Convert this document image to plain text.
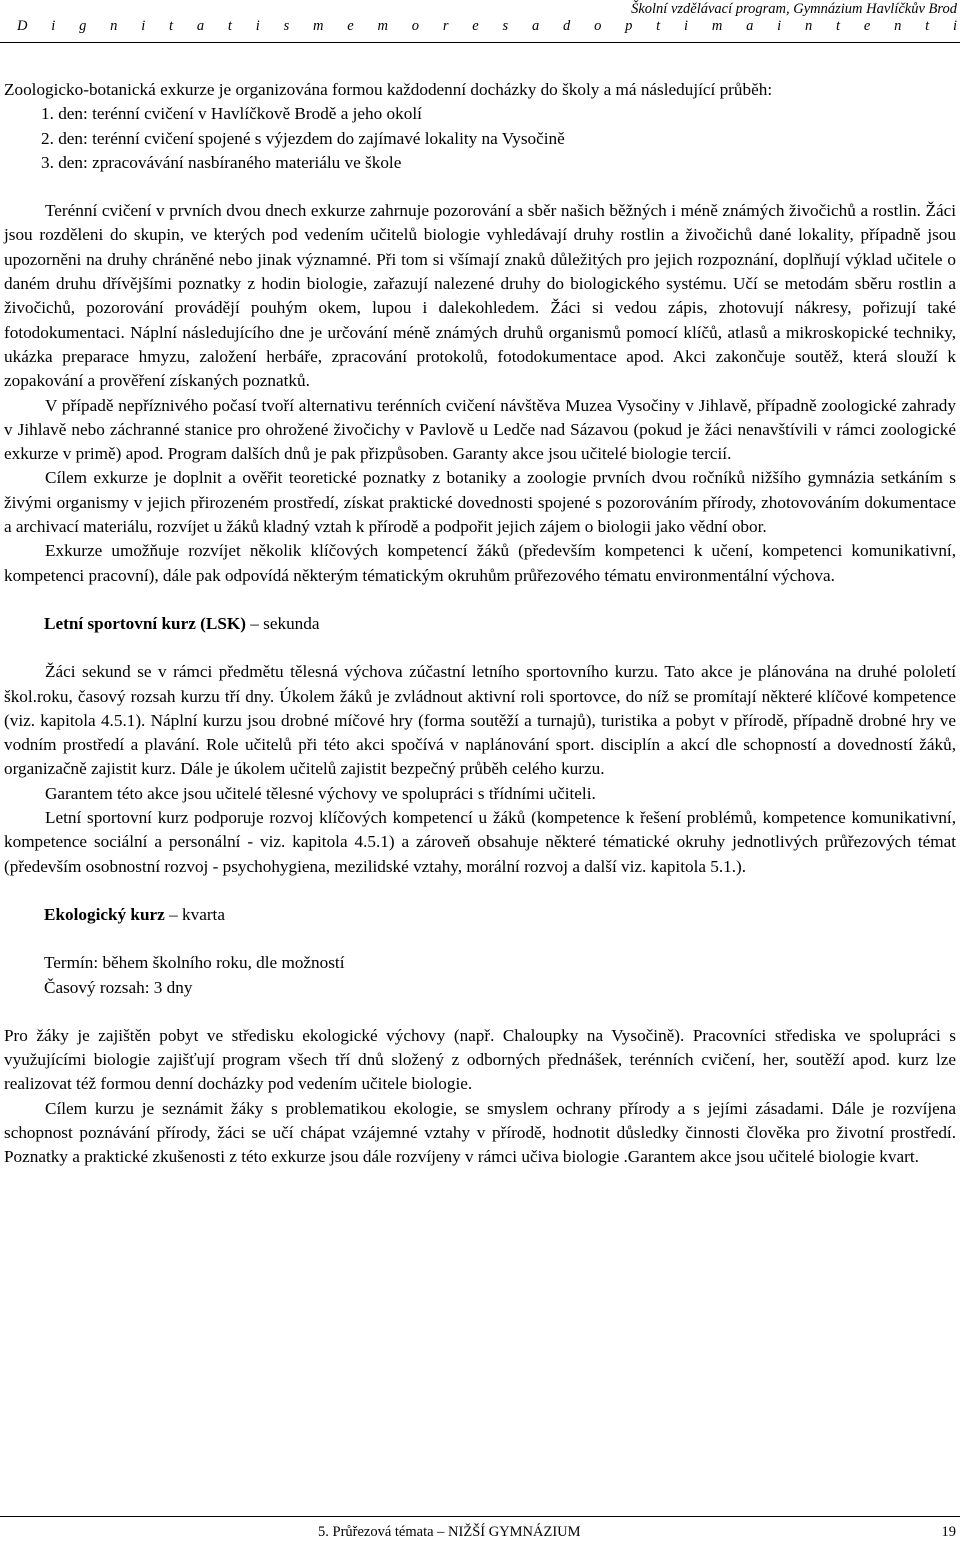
Školní vzdělávací program, Gymnázium Havlíčkův Brod
D i g n i t a t i s m e m o r e s a d o p t i m a i n t e n t i

Zoologicko-botanická exkurze je organizována formou každodenní docházky do školy a má následující průběh:

1. den: terénní cvičení v Havlíčkově Brodě a jeho okolí

2. den: terénní cvičení spojené s výjezdem do zajímavé lokality na Vysočině

3. den: zpracovávání nasbíraného materiálu ve škole

Terénní cvičení v prvních dvou dnech exkurze zahrnuje pozorování a sběr našich běžných i méně známých živočichů a rostlin. Žáci jsou rozděleni do skupin, ve kterých pod vedením učitelů biologie vyhledávají druhy rostlin a živočichů dané lokality, případně jsou upozorněni na druhy chráněné nebo jinak významné. Při tom si všímají znaků důležitých pro jejich rozpoznání, doplňují výklad učitele o daném druhu dřívějšími poznatky z hodin biologie, zařazují nalezené druhy do biologického systému. Učí se metodám sběru rostlin a živočichů, pozorování provádějí pouhým okem, lupou i dalekohledem. Žáci si vedou zápis, zhotovují nákresy, pořizují také fotodokumentaci. Náplní následujícího dne je určování méně známých druhů organismů pomocí klíčů, atlasů a mikroskopické techniky, ukázka preparace hmyzu, založení herbáře, zpracování protokolů, fotodokumentace apod. Akci zakončuje soutěž, která slouží k zopakování a prověření získaných poznatků.

V případě nepříznivého počasí tvoří alternativu terénních cvičení návštěva Muzea Vysočiny v Jihlavě, případně zoologické zahrady v Jihlavě nebo záchranné stanice pro ohrožené živočichy v Pavlově u Ledče nad Sázavou (pokud je žáci nenavštívili v rámci zoologické exkurze v primě) apod. Program dalších dnů je pak přizpůsoben. Garanty akce jsou učitelé biologie tercií.

Cílem exkurze je doplnit a ověřit teoretické poznatky z botaniky a zoologie prvních dvou ročníků nižšího gymnázia setkáním s živými organismy v jejich přirozeném prostředí, získat praktické dovednosti spojené s pozorováním přírody, zhotovováním dokumentace a archivací materiálu, rozvíjet u žáků kladný vztah k přírodě a podpořit jejich zájem o biologii jako vědní obor.

Exkurze umožňuje rozvíjet několik klíčových kompetencí žáků (především kompetenci k učení, kompetenci komunikativní, kompetenci pracovní), dále pak odpovídá některým tématickým okruhům průřezového tématu environmentální výchova.

Letní sportovní kurz (LSK) – sekunda

Žáci sekund se v rámci předmětu tělesná výchova zúčastní letního sportovního kurzu. Tato akce je plánována na druhé pololetí škol.roku, časový rozsah kurzu tří dny. Úkolem žáků je zvládnout aktivní roli sportovce, do níž se promítají některé klíčové kompetence (viz. kapitola 4.5.1). Náplní kurzu jsou drobné míčové hry (forma soutěží a turnajů), turistika a pobyt v přírodě, případně drobné hry ve vodním prostředí a plavání. Role učitelů při této akci spočívá v naplánování sport. disciplín a akcí dle schopností a dovedností žáků, organizačně zajistit kurz. Dále je úkolem učitelů zajistit bezpečný průběh celého kurzu.

Garantem této akce jsou učitelé tělesné výchovy ve spolupráci s třídními učiteli.

Letní sportovní kurz podporuje rozvoj klíčových kompetencí u žáků (kompetence k řešení problémů, kompetence komunikativní, kompetence sociální a personální - viz. kapitola 4.5.1) a zároveň obsahuje některé tématické okruhy jednotlivých průřezových témat (především osobnostní rozvoj - psychohygiena, mezilidské vztahy, morální rozvoj a další viz. kapitola 5.1.).

Ekologický kurz – kvarta

Termín: během školního roku, dle možností

Časový rozsah: 3 dny

Pro žáky je zajištěn pobyt ve středisku ekologické výchovy (např. Chaloupky na Vysočině). Pracovníci střediska ve spolupráci s využujícími biologie zajišťují program všech tří dnů složený z odborných přednášek, terénních cvičení, her, soutěží apod. kurz lze realizovat též formou denní docházky pod vedením učitele biologie.

Cílem kurzu je seznámit žáky s problematikou ekologie, se smyslem ochrany přírody a s jejími zásadami. Dále je rozvíjena schopnost poznávání přírody, žáci se učí chápat vzájemné vztahy v přírodě, hodnotit důsledky činnosti člověka pro životní prostředí. Poznatky a praktické zkušenosti z této exkurze jsou dále rozvíjeny v rámci učiva biologie .Garantem akce jsou učitelé biologie kvart.

5. Průřezová témata – NIŽŠÍ GYMNÁZIUM	19
